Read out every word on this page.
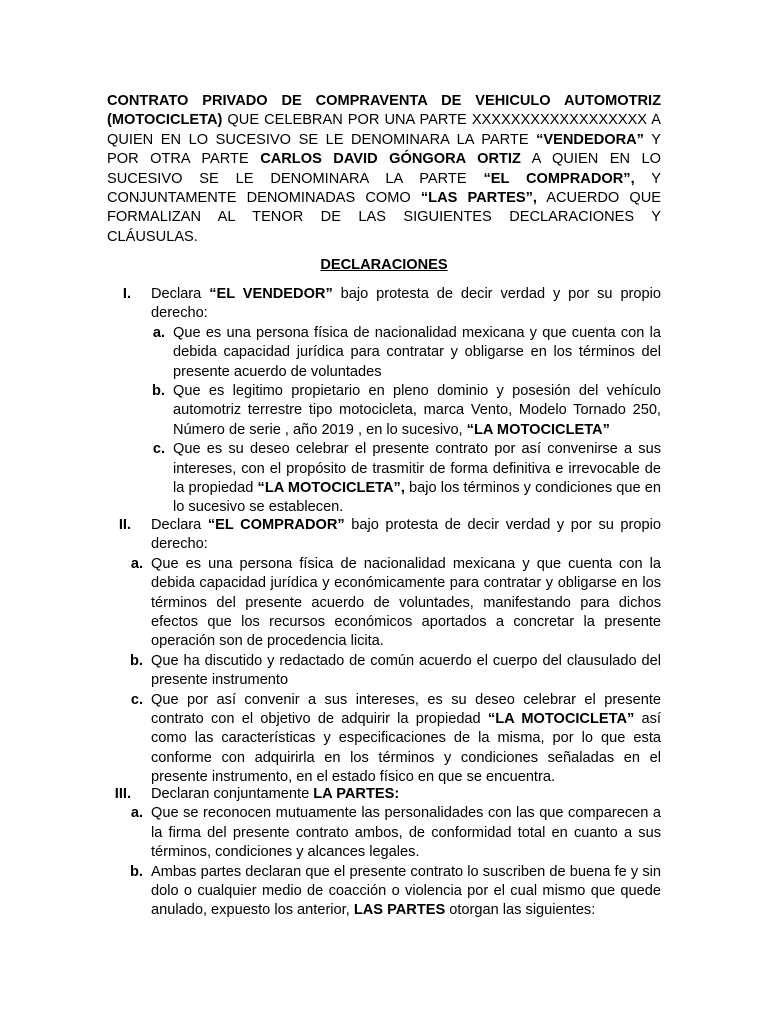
CONTRATO PRIVADO DE COMPRAVENTA DE VEHICULO AUTOMOTRIZ (MOTOCICLETA) QUE CELEBRAN POR UNA PARTE XXXXXXXXXXXXXXXXXX A QUIEN EN LO SUCESIVO SE LE DENOMINARA LA PARTE “VENDEDORA” Y POR OTRA PARTE CARLOS DAVID GÓNGORA ORTIZ A QUIEN EN LO SUCESIVO SE LE DENOMINARA LA PARTE “EL COMPRADOR”, Y CONJUNTAMENTE DENOMINADAS COMO “LAS PARTES”, ACUERDO QUE FORMALIZAN AL TENOR DE LAS SIGUIENTES DECLARACIONES Y CLÁUSULAS.

DECLARACIONES
I. Declara “EL VENDEDOR” bajo protesta de decir verdad y por su propio derecho:
a. Que es una persona física de nacionalidad mexicana y que cuenta con la debida capacidad jurídica para contratar y obligarse en los términos del presente acuerdo de voluntades
b. Que es legitimo propietario en pleno dominio y posesión del vehículo automotriz terrestre tipo motocicleta, marca Vento, Modelo Tornado 250, Número de serie , año 2019 , en lo sucesivo, “LA MOTOCICLETA”
c. Que es su deseo celebrar el presente contrato por así convenirse a sus intereses, con el propósito de trasmitir de forma definitiva e irrevocable de la propiedad “LA MOTOCICLETA”, bajo los términos y condiciones que en lo sucesivo se establecen.
II. Declara “EL COMPRADOR” bajo protesta de decir verdad y por su propio derecho:
a. Que es una persona física de nacionalidad mexicana y que cuenta con la debida capacidad jurídica y económicamente para contratar y obligarse en los términos del presente acuerdo de voluntades, manifestando para dichos efectos que los recursos económicos aportados a concretar la presente operación son de procedencia licita.
b. Que ha discutido y redactado de común acuerdo el cuerpo del clausulado del presente instrumento
c. Que por así convenir a sus intereses, es su deseo celebrar el presente contrato con el objetivo de adquirir la propiedad “LA MOTOCICLETA” así como las características y especificaciones de la misma, por lo que esta conforme con adquirirla en los términos y condiciones señaladas en el presente instrumento, en el estado físico en que se encuentra.
III. Declaran conjuntamente LA PARTES:
a. Que se reconocen mutuamente las personalidades con las que comparecen a la firma del presente contrato ambos, de conformidad total en cuanto a sus términos, condiciones y alcances legales.
b. Ambas partes declaran que el presente contrato lo suscriben de buena fe y sin dolo o cualquier medio de coacción o violencia por el cual mismo que quede anulado, expuesto los anterior, LAS PARTES otorgan las siguientes:
